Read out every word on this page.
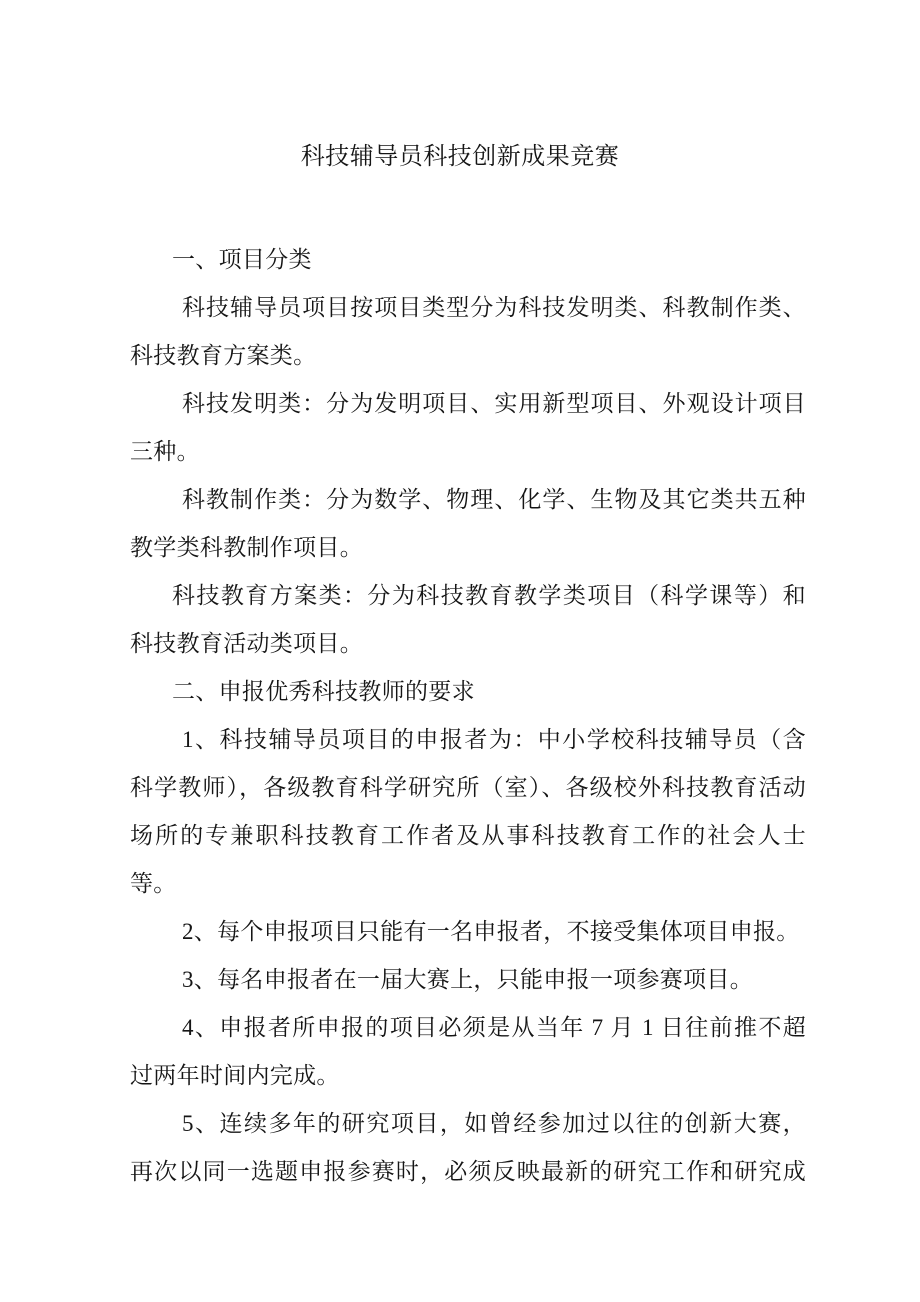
科技辅导员科技创新成果竞赛
一、项目分类
科技辅导员项目按项目类型分为科技发明类、科教制作类、
科技教育方案类。
科技发明类：分为发明项目、实用新型项目、外观设计项目
三种。
科教制作类：分为数学、物理、化学、生物及其它类共五种
教学类科教制作项目。
科技教育方案类：分为科技教育教学类项目（科学课等）和
科技教育活动类项目。
二、申报优秀科技教师的要求
1、科技辅导员项目的申报者为：中小学校科技辅导员（含
科学教师），各级教育科学研究所（室）、各级校外科技教育活动
场所的专兼职科技教育工作者及从事科技教育工作的社会人士
等。
2、每个申报项目只能有一名申报者，不接受集体项目申报。
3、每名申报者在一届大赛上，只能申报一项参赛项目。
4、申报者所申报的项目必须是从当年 7 月 1 日往前推不超
过两年时间内完成。
5、连续多年的研究项目，如曾经参加过以往的创新大赛，
再次以同一选题申报参赛时，必须反映最新的研究工作和研究成
